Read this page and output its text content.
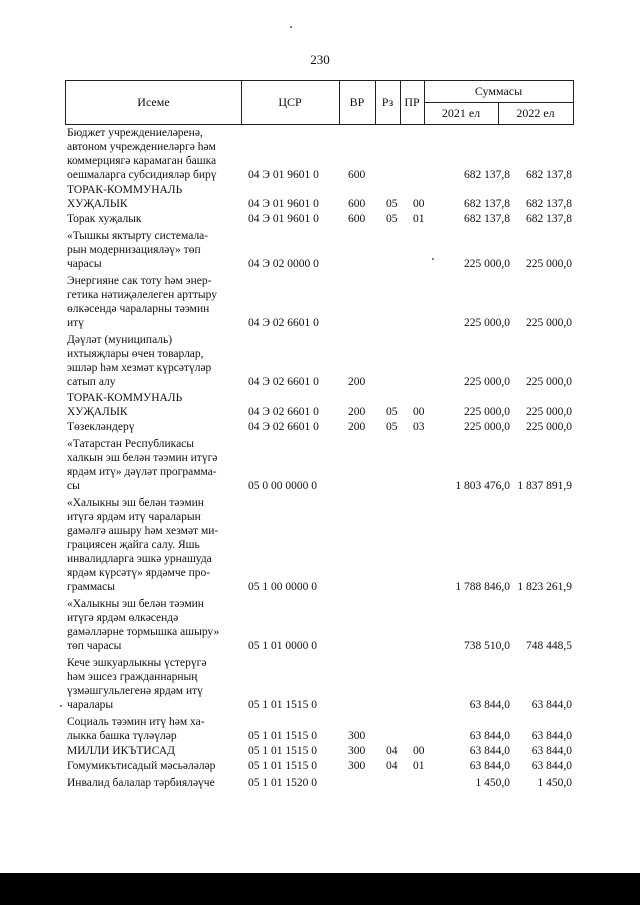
230
Исеме	ЦСР	ВР	Рз ПР
Суммасы
2021 ел	2022 ел
Бюджет учреждениеләренә,
автоном учреждениеләргә һәм
коммерциягә карамаган башка
оешмаларга субсидияләр бирү	04 Э 01 9601 0	600	682 137,8 682 137,8
ТОРАК-КОММУНАЛЬ
ХУҖАЛЫК	04 Э 01 9601 0	600 05 00	682 137,8 682 137,8
Торак хуҗалык	04 Э 01 9601 0	600 05 01	682 137,8 682 137,8
«Тышкы яктырту системала-
рын модернизацияләү» төп
чарасы	04 Э 02 0000 0	225 000,0 225 000,0
Энергияне сак тоту һәм энер-
гетика нәтиҗәлелеген арттыру
өлкәсендә чараларны тәэмин
итү	04 Э 02 6601 0	225 000,0 225 000,0
Дәүләт (муниципаль)
ихтыяҗлары өчен товарлар,
эшләр һәм хезмәт күрсәтүләр
сатып алу	04 Э 02 6601 0	200	225 000,0 225 000,0
ТОРАК-КОММУНАЛЬ
ХУҖАЛЫК	04 Э 02 6601 0	200 05 00	225 000,0 225 000,0
Төзекләндерү	04 Э 02 6601 0	200 05 03	225 000,0 225 000,0
«Татарстан Республикасы
халкын эш белән тәэмин итүгә
ярдәм итү» дәүләт программа-
сы	05 0 00 0000 0	1 803 476,0 1 837 891,9
«Халыкны эш белән тәэмин
итүгә ярдәм итү чараларын
gамәлгә ашыру һәм хезмәт ми-
грациясен җайга салу. Яшь
инвалидларга эшкә урнашуда
ярдәм күрсәтү» ярдәмче про-
граммасы	05 1 00 0000 0	1 788 846,0 1 823 261,9
«Халыкны эш белән тәэмин
итүгә ярдәм өлкәсендә
gамәлләрне тормышка ашыру»
төп чарасы	05 1 01 0000 0	738 510,0 748 448,5
Кече эшкуарлыкны үстерүгә
һәм эшсез гражданнарның
үзмәшгульлегенә ярдәм итү
чаралары	05 1 01 1515 0	63 844,0 63 844,0
Социаль тәэмин итү һәм ха-
лыкка башка түләүләр	05 1 01 1515 0	300	63 844,0 63 844,0
МИЛЛИ ИКЪТИСАД	05 1 01 1515 0	300 04 00	63 844,0 63 844,0
Гомумикътисадый мәсьәләләр	05 1 01 1515 0	300 04 01	63 844,0 63 844,0
Инвалид балалар тәрбияләүче	05 1 01 1520 0	1 450,0 1 450,0
